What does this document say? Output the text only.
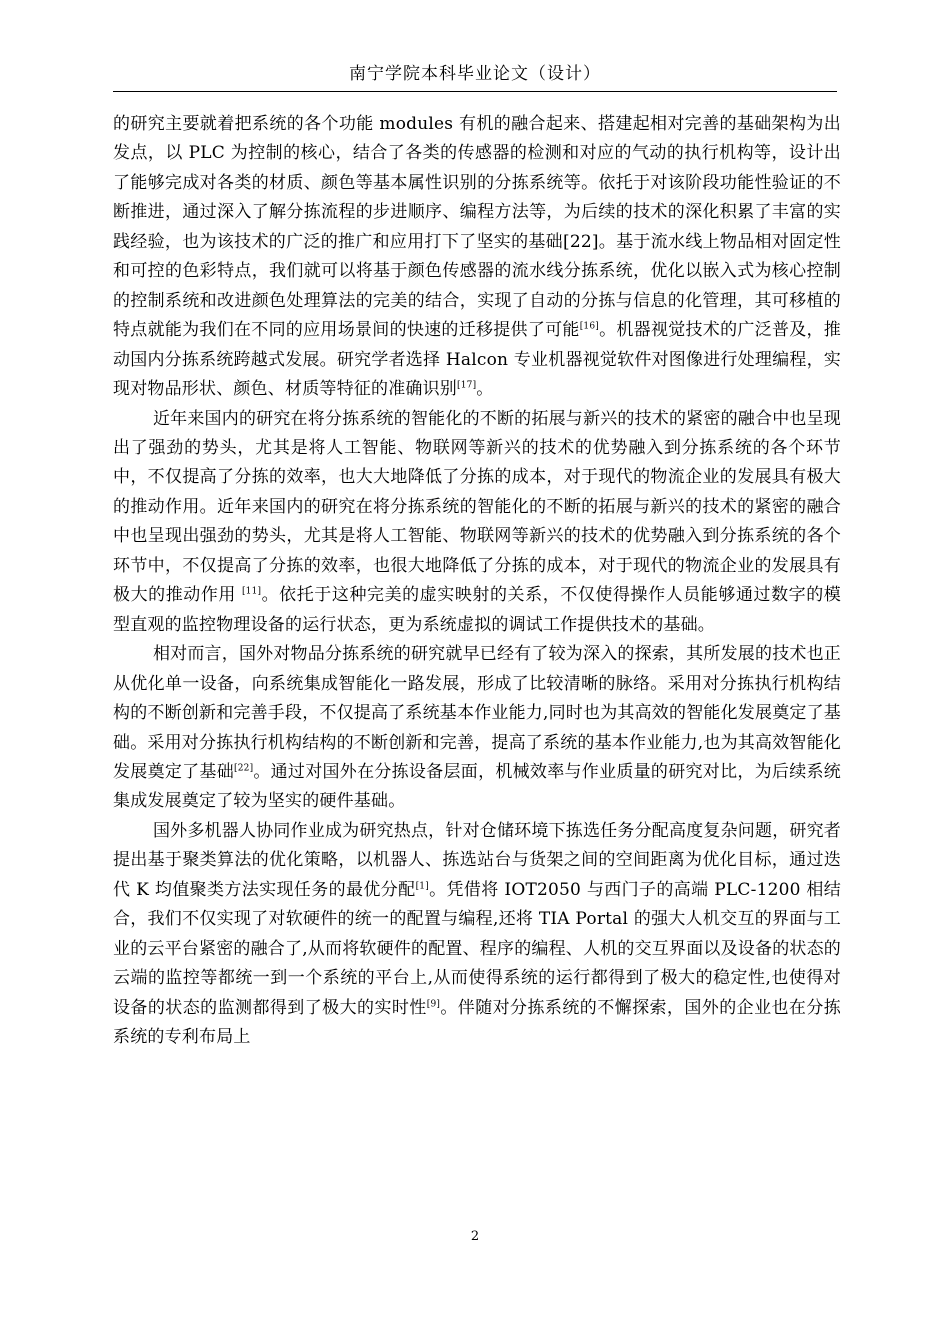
南宁学院本科毕业论文（设计）

的研究主要就着把系统的各个功能 modules 有机的融合起来、搭建起相对完善的基础架构为出发点，以 PLC 为控制的核心，结合了各类的传感器的检测和对应的气动的执行机构等，设计出了能够完成对各类的材质、颜色等基本属性识别的分拣系统等。依托于对该阶段功能性验证的不断推进，通过深入了解分拣流程的步进顺序、编程方法等，为后续的技术的深化积累了丰富的实践经验，也为该技术的广泛的推广和应用打下了坚实的基础[22]。基于流水线上物品相对固定性和可控的色彩特点，我们就可以将基于颜色传感器的流水线分拣系统，优化以嵌入式为核心控制的控制系统和改进颜色处理算法的完美的结合，实现了自动的分拣与信息的化管理，其可移植的特点就能为我们在不同的应用场景间的快速的迁移提供了可能[16]。机器视觉技术的广泛普及，推动国内分拣系统跨越式发展。研究学者选择 Halcon 专业机器视觉软件对图像进行处理编程，实现对物品形状、颜色、材质等特征的准确识别[17]。

近年来国内的研究在将分拣系统的智能化的不断的拓展与新兴的技术的紧密的融合中也呈现出了强劲的势头，尤其是将人工智能、物联网等新兴的技术的优势融入到分拣系统的各个环节中，不仅提高了分拣的效率，也大大地降低了分拣的成本，对于现代的物流企业的发展具有极大的推动作用。近年来国内的研究在将分拣系统的智能化的不断的拓展与新兴的技术的紧密的融合中也呈现出强劲的势头，尤其是将人工智能、物联网等新兴的技术的优势融入到分拣系统的各个环节中，不仅提高了分拣的效率，也很大地降低了分拣的成本，对于现代的物流企业的发展具有极大的推动作用 [11]。依托于这种完美的虚实映射的关系，不仅使得操作人员能够通过数字的模型直观的监控物理设备的运行状态，更为系统虚拟的调试工作提供技术的基础。

相对而言，国外对物品分拣系统的研究就早已经有了较为深入的探索，其所发展的技术也正从优化单一设备，向系统集成智能化一路发展，形成了比较清晰的脉络。采用对分拣执行机构结构的不断创新和完善手段，不仅提高了系统基本作业能力,同时也为其高效的智能化发展奠定了基础。采用对分拣执行机构结构的不断创新和完善，提高了系统的基本作业能力,也为其高效智能化发展奠定了基础[22]。通过对国外在分拣设备层面，机械效率与作业质量的研究对比，为后续系统集成发展奠定了较为坚实的硬件基础。

国外多机器人协同作业成为研究热点，针对仓储环境下拣选任务分配高度复杂问题，研究者提出基于聚类算法的优化策略，以机器人、拣选站台与货架之间的空间距离为优化目标，通过迭代 K 均值聚类方法实现任务的最优分配[1]。凭借将 IOT2050 与西门子的高端 PLC-1200 相结合，我们不仅实现了对软硬件的统一的配置与编程,还将 TIA Portal 的强大人机交互的界面与工业的云平台紧密的融合了,从而将软硬件的配置、程序的编程、人机的交互界面以及设备的状态的云端的监控等都统一到一个系统的平台上,从而使得系统的运行都得到了极大的稳定性,也使得对设备的状态的监测都得到了极大的实时性[9]。伴随对分拣系统的不懈探索，国外的企业也在分拣系统的专利布局上

2
